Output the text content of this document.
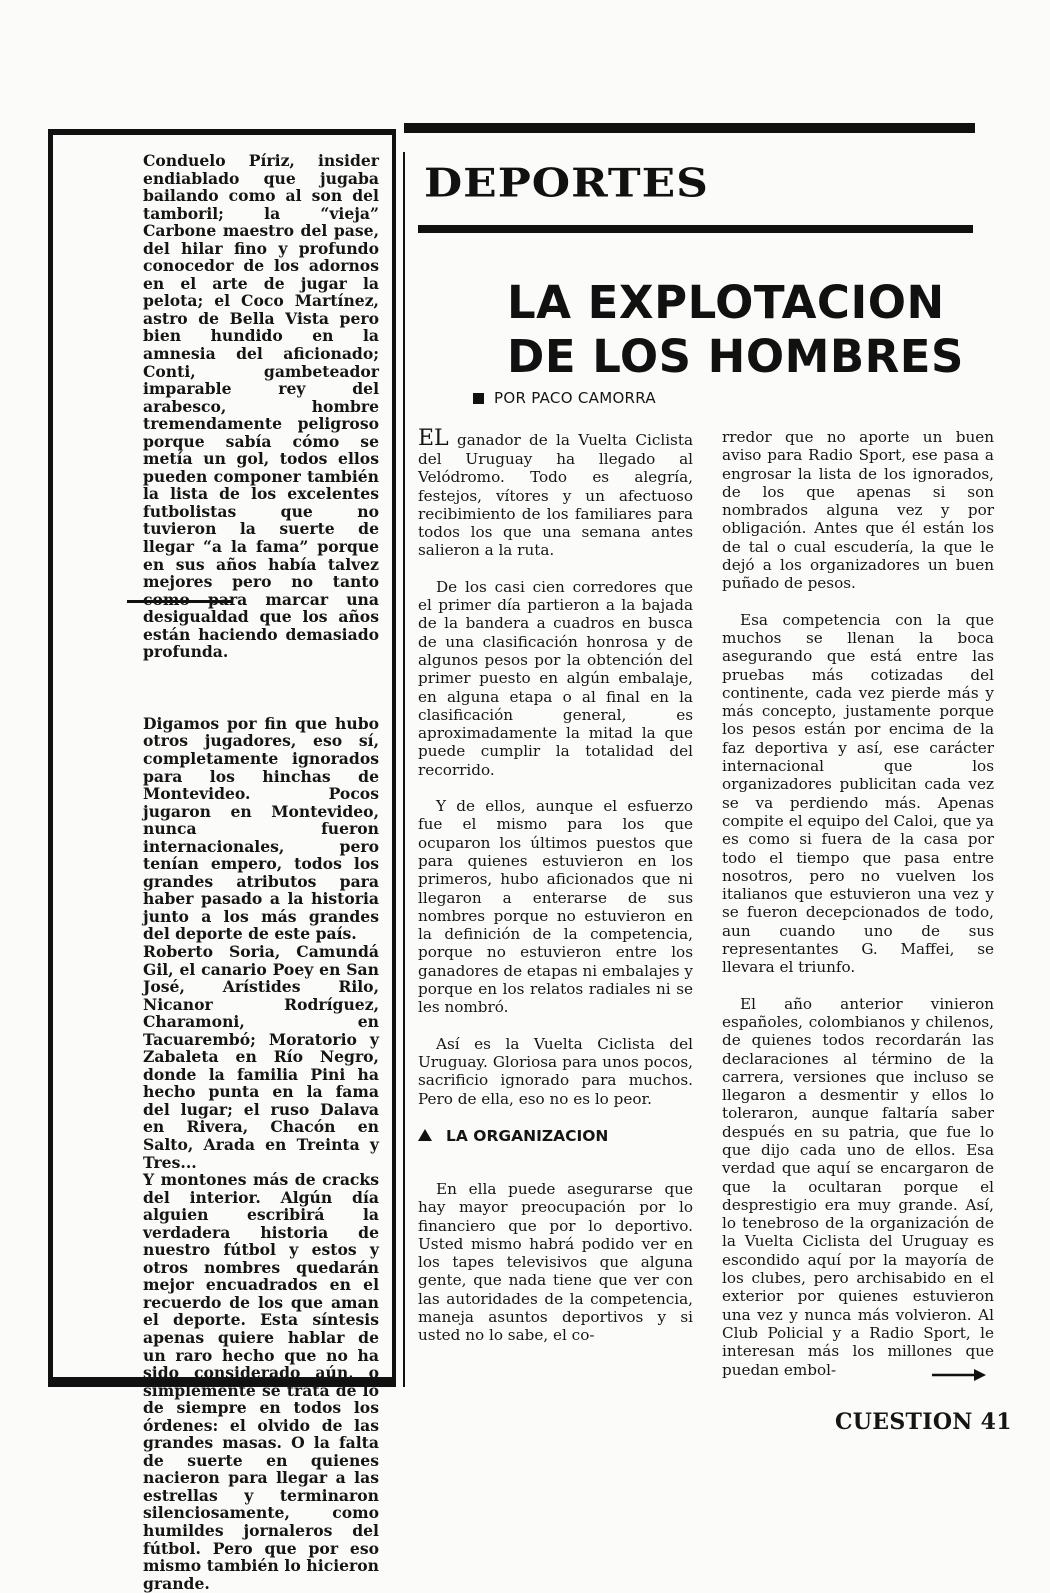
DEPORTES
LA EXPLOTACION
DE LOS HOMBRES
POR PACO CAMORRA

Conduelo Píriz, insider endiablado que jugaba bailando como al son del tamboril; la “vieja” Carbone maestro del pase, del hilar fino y profundo conocedor de los adornos en el arte de jugar la pelota; el Coco Martínez, astro de Bella Vista pero bien hundido en la amnesia del aficionado; Conti, gambeteador imparable rey del arabesco, hombre tremendamente peligroso porque sabía cómo se metía un gol, todos ellos pueden componer también la lista de los excelentes futbolistas que no tuvieron la suerte de llegar “a la fama” porque en sus años había talvez mejores pero no tanto como para marcar una desigualdad que los años están haciendo demasiado profunda.

Digamos por fin que hubo otros jugadores, eso sí, completamente ignorados para los hinchas de Montevideo. Pocos jugaron en Montevideo, nunca fueron internacionales, pero tenían empero, todos los grandes atributos para haber pasado a la historia junto a los más grandes del deporte de este país.

Roberto Soria, Camundá Gil, el canario Poey en San José, Arístides Rilo, Nicanor Rodríguez, Charamoni, en Tacuarembó; Moratorio y Zabaleta en Río Negro, donde la familia Pini ha hecho punta en la fama del lugar; el ruso Dalava en Rivera, Chacón en Salto, Arada en Treinta y Tres...

Y montones más de cracks del interior. Algún día alguien escribirá la verdadera historia de nuestro fútbol y estos y otros nombres quedarán mejor encuadrados en el recuerdo de los que aman el deporte. Esta síntesis apenas quiere hablar de un raro hecho que no ha sido considerado aún, o simplemente se trata de lo de siempre en todos los órdenes: el olvido de las grandes masas. O la falta de suerte en quienes nacieron para llegar a las estrellas y terminaron silenciosamente, como humildes jornaleros del fútbol. Pero que por eso mismo también lo hicieron grande.

EL ganador de la Vuelta Ciclista del Uruguay ha llegado al Velódromo. Todo es alegría, festejos, vítores y un afectuoso recibimiento de los familiares para todos los que una semana antes salieron a la ruta.

De los casi cien corredores que el primer día partieron a la bajada de la bandera a cuadros en busca de una clasificación honrosa y de algunos pesos por la obtención del primer puesto en algún embalaje, en alguna etapa o al final en la clasificación general, es aproximadamente la mitad la que puede cumplir la totalidad del recorrido.

Y de ellos, aunque el esfuerzo fue el mismo para los que ocuparon los últimos puestos que para quienes estuvieron en los primeros, hubo aficionados que ni llegaron a enterarse de sus nombres porque no estuvieron en la definición de la competencia, porque no estuvieron entre los ganadores de etapas ni embalajes y porque en los relatos radiales ni se les nombró.

Así es la Vuelta Ciclista del Uruguay. Gloriosa para unos pocos, sacrificio ignorado para muchos. Pero de ella, eso no es lo peor.

LA ORGANIZACION

En ella puede asegurarse que hay mayor preocupación por lo financiero que por lo deportivo. Usted mismo habrá podido ver en los tapes televisivos que alguna gente, que nada tiene que ver con las autoridades de la competencia, maneja asuntos deportivos y si usted no lo sabe, el co-

rredor que no aporte un buen aviso para Radio Sport, ese pasa a engrosar la lista de los ignorados, de los que apenas si son nombrados alguna vez y por obligación. Antes que él están los de tal o cual escudería, la que le dejó a los organizadores un buen puñado de pesos.

Esa competencia con la que muchos se llenan la boca asegurando que está entre las pruebas más cotizadas del continente, cada vez pierde más y más concepto, justamente porque los pesos están por encima de la faz deportiva y así, ese carácter internacional que los organizadores publicitan cada vez se va perdiendo más. Apenas compite el equipo del Caloi, que ya es como si fuera de la casa por todo el tiempo que pasa entre nosotros, pero no vuelven los italianos que estuvieron una vez y se fueron decepcionados de todo, aun cuando uno de sus representantes G. Maffei, se llevara el triunfo.

El año anterior vinieron españoles, colombianos y chilenos, de quienes todos recordarán las declaraciones al término de la carrera, versiones que incluso se llegaron a desmentir y ellos lo toleraron, aunque faltaría saber después en su patria, que fue lo que dijo cada uno de ellos. Esa verdad que aquí se encargaron de que la ocultaran porque el desprestigio era muy grande. Así, lo tenebroso de la organización de la Vuelta Ciclista del Uruguay es escondido aquí por la mayoría de los clubes, pero archisabido en el exterior por quienes estuvieron una vez y nunca más volvieron. Al Club Policial y a Radio Sport, le interesan más los millones que puedan embol-

CUESTION 41
